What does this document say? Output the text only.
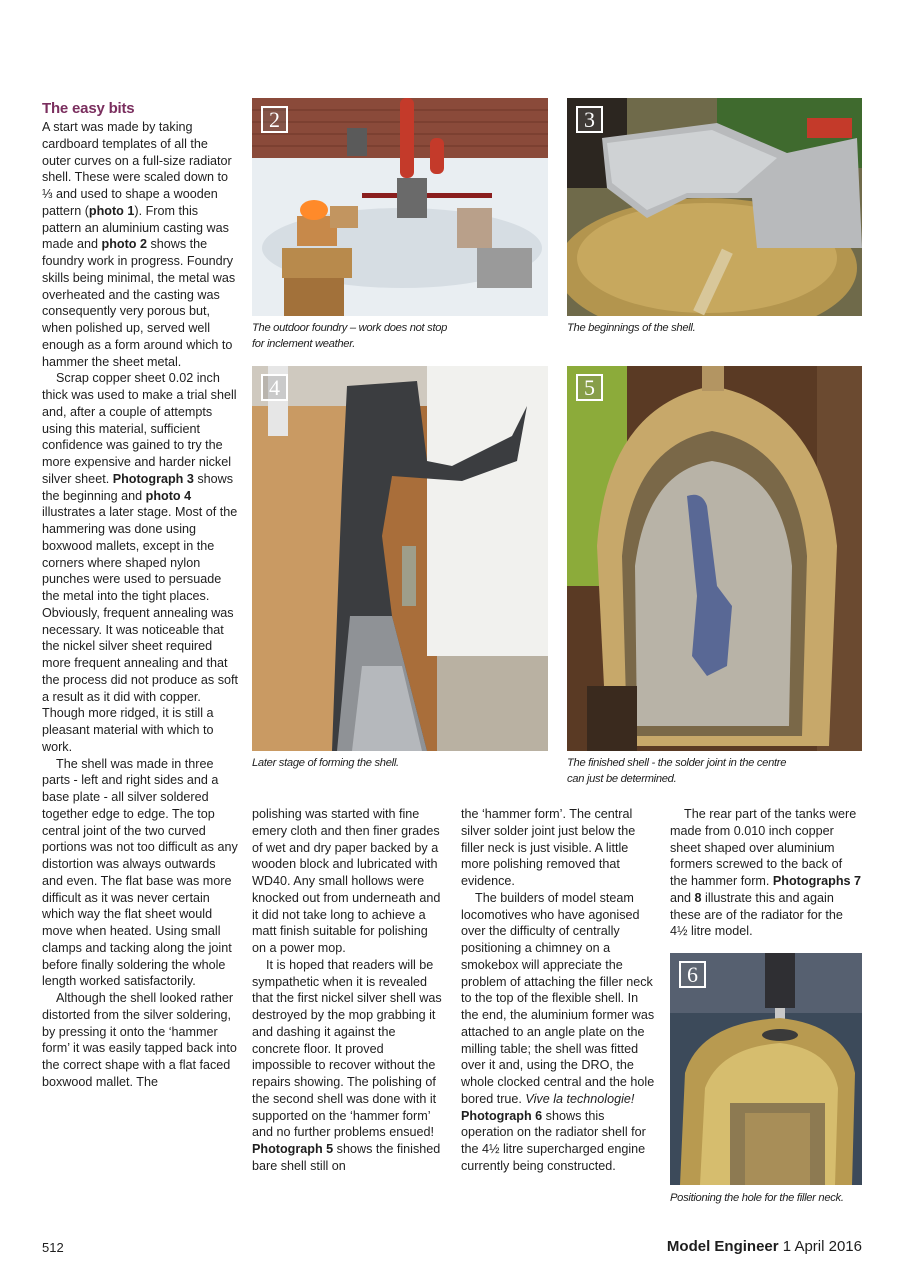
The easy bits

A start was made by taking cardboard templates of all the outer curves on a full-size radiator shell. These were scaled down to ⅓ and used to shape a wooden pattern (photo 1). From this pattern an aluminium casting was made and photo 2 shows the foundry work in progress. Foundry skills being minimal, the metal was overheated and the casting was consequently very porous but, when polished up, served well enough as a form around which to hammer the sheet metal.

Scrap copper sheet 0.02 inch thick was used to make a trial shell and, after a couple of attempts using this material, sufficient confidence was gained to try the more expensive and harder nickel silver sheet. Photograph 3 shows the beginning and photo 4 illustrates a later stage. Most of the hammering was done using boxwood mallets, except in the corners where shaped nylon punches were used to persuade the metal into the tight places. Obviously, frequent annealing was necessary. It was noticeable that the nickel silver sheet required more frequent annealing and that the process did not produce as soft a result as it did with copper. Though more ridged, it is still a pleasant material with which to work.

The shell was made in three parts - left and right sides and a base plate - all silver soldered together edge to edge. The top central joint of the two curved portions was not too difficult as any distortion was always outwards and even. The flat base was more difficult as it was never certain which way the flat sheet would move when heated. Using small clamps and tacking along the joint before finally soldering the whole length worked satisfactorily.

Although the shell looked rather distorted from the silver soldering, by pressing it onto the ‘hammer form’ it was easily tapped back into the correct shape with a flat faced boxwood mallet. The

2
The outdoor foundry – work does not stop
for inclement weather.
3
The beginnings of the shell.
4
Later stage of forming the shell.
5
The finished shell - the solder joint in the centre
can just be determined.

polishing was started with fine emery cloth and then finer grades of wet and dry paper backed by a wooden block and lubricated with WD40. Any small hollows were knocked out from underneath and it did not take long to achieve a matt finish suitable for polishing on a power mop.

It is hoped that readers will be sympathetic when it is revealed that the first nickel silver shell was destroyed by the mop grabbing it and dashing it against the concrete floor. It proved impossible to recover without the repairs showing. The polishing of the second shell was done with it supported on the ‘hammer form’ and no further problems ensued! Photograph 5 shows the finished bare shell still on

the ‘hammer form’. The central silver solder joint just below the filler neck is just visible. A little more polishing removed that evidence.

The builders of model steam locomotives who have agonised over the difficulty of centrally positioning a chimney on a smokebox will appreciate the problem of attaching the filler neck to the top of the flexible shell. In the end, the aluminium former was attached to an angle plate on the milling table; the shell was fitted over it and, using the DRO, the whole clocked central and the hole bored true. Vive la technologie! Photograph 6 shows this operation on the radiator shell for the 4½ litre supercharged engine currently being constructed.

The rear part of the tanks were made from 0.010 inch copper sheet shaped over aluminium formers screwed to the back of the hammer form. Photographs 7 and 8 illustrate this and again these are of the radiator for the 4½ litre model.

6
Positioning the hole for the filler neck.
512	Model Engineer 1 April 2016
